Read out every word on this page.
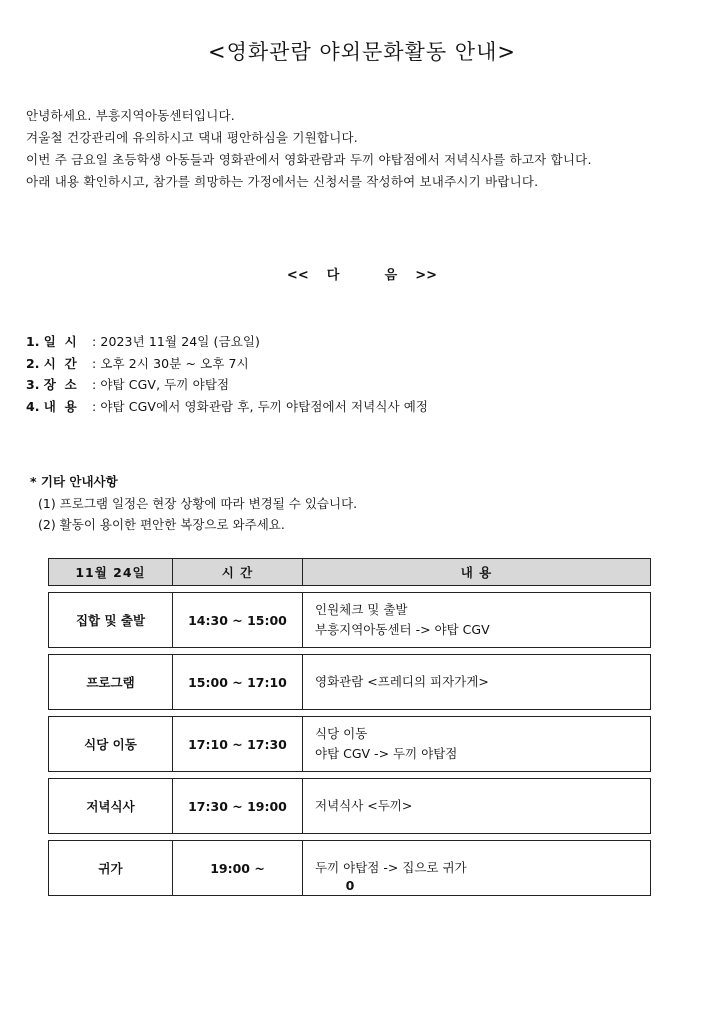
<영화관람 야외문화활동 안내>
안녕하세요. 부흥지역아동센터입니다.
겨울철 건강관리에 유의하시고 댁내 평안하심을 기원합니다.
이번 주 금요일 초등학생 아동들과 영화관에서 영화관람과 두끼 야탑점에서 저녁식사를 하고자 합니다.
아래 내용 확인하시고, 참가를 희망하는 가정에서는 신청서를 작성하여 보내주시기 바랍니다.
<<    다          음    >>
1. 일  시 : 2023년 11월 24일 (금요일)
2. 시  간 : 오후 2시 30분 ~ 오후 7시
3. 장  소 : 야탑 CGV, 두끼 야탑점
4. 내  용 : 야탑 CGV에서 영화관람 후, 두끼 야탑점에서 저녁식사 예정
* 기타 안내사항
(1) 프로그램 일정은 현장 상황에 따라 변경될 수 있습니다.
(2) 활동이 용이한 편안한 복장으로 와주세요.
11월 24일	시 간	내 용

집합 및 출발	14:30 ~ 15:00	인원체크 및 출발
부흥지역아동센터 -> 야탑 CGV

프로그램	15:00 ~ 17:10	영화관람 <프레디의 피자가게>

식당 이동	17:10 ~ 17:30	식당 이동
야탑 CGV -> 두끼 야탑점

저녁식사	17:30 ~ 19:00	저녁식사 <두끼>

귀가	19:00 ~	두끼 야탑점 -> 집으로 귀가
0
